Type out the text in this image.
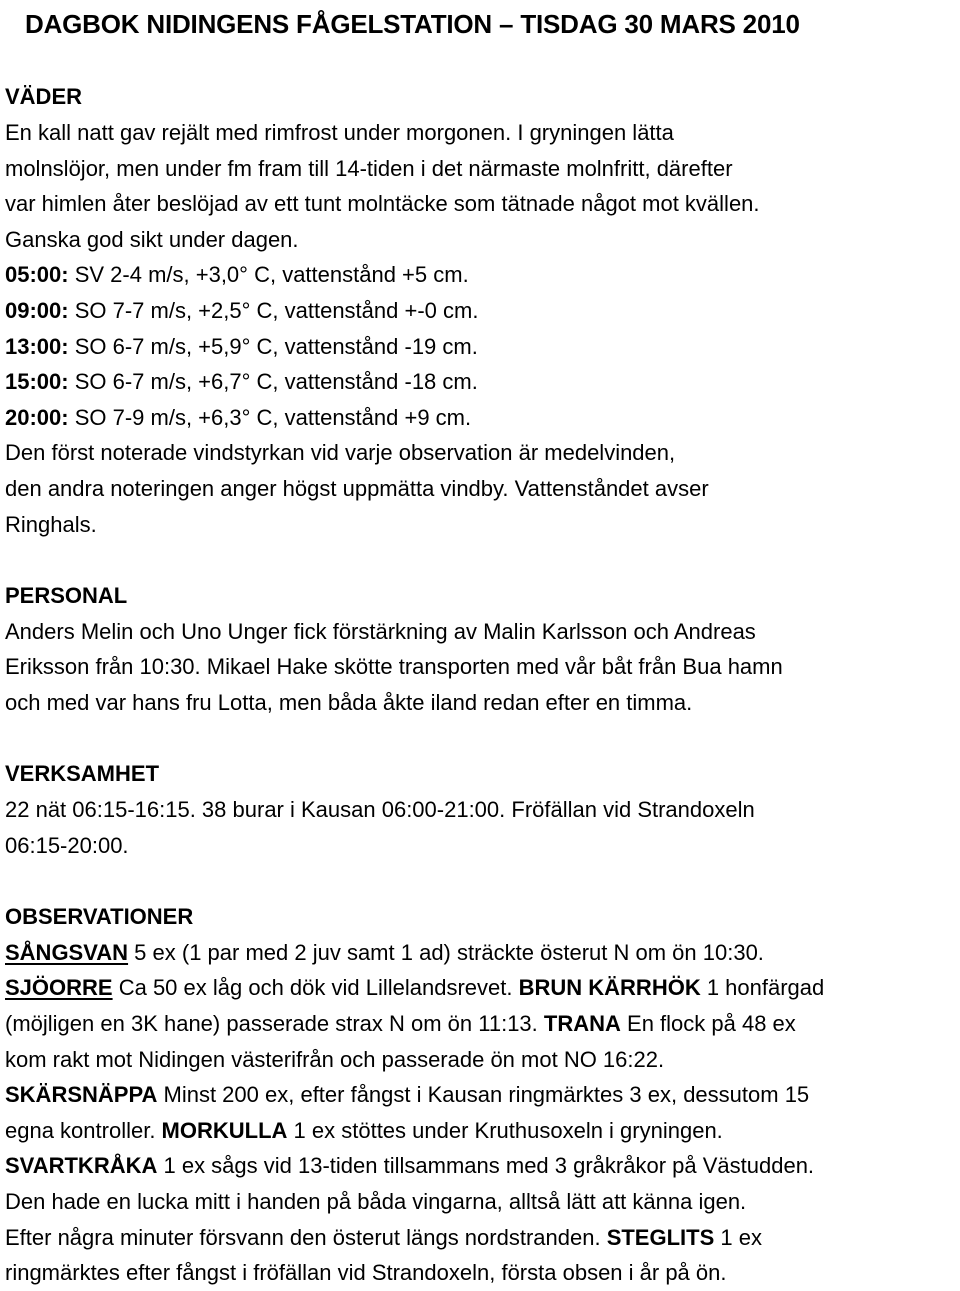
DAGBOK NIDINGENS FÅGELSTATION – TISDAG 30 MARS 2010
VÄDER

En kall natt gav rejält med rimfrost under morgonen. I gryningen lätta

molnslöjor, men under fm fram till 14-tiden i det närmaste molnfritt, därefter

var himlen åter beslöjad av ett tunt molntäcke som tätnade något mot kvällen.

Ganska god sikt under dagen.

05:00: SV 2-4 m/s, +3,0° C, vattenstånd +5 cm.

09:00: SO 7-7 m/s, +2,5° C, vattenstånd +-0 cm.

13:00: SO 6-7 m/s, +5,9° C, vattenstånd -19 cm.

15:00: SO 6-7 m/s, +6,7° C, vattenstånd -18 cm.

20:00: SO 7-9 m/s, +6,3° C, vattenstånd +9 cm.

Den först noterade vindstyrkan vid varje observation är medelvinden,

den andra noteringen anger högst uppmätta vindby. Vattenståndet avser

Ringhals.

PERSONAL

Anders Melin och Uno Unger fick förstärkning av Malin Karlsson och Andreas

Eriksson från 10:30. Mikael Hake skötte transporten med vår båt från Bua hamn

och med var hans fru Lotta, men båda åkte iland redan efter en timma.

VERKSAMHET

22 nät 06:15-16:15. 38 burar i Kausan 06:00-21:00. Fröfällan vid Strandoxeln

06:15-20:00.

OBSERVATIONER

SÅNGSVAN 5 ex (1 par med 2 juv samt 1 ad) sträckte österut N om ön 10:30.

SJÖORRE Ca 50 ex låg och dök vid Lillelandsrevet. BRUN KÄRRHÖK 1 honfärgad

(möjligen en 3K hane) passerade strax N om ön 11:13. TRANA En flock på 48 ex

kom rakt mot Nidingen västerifrån och passerade ön mot NO 16:22.

SKÄRSNÄPPA Minst 200 ex, efter fångst i Kausan ringmärktes 3 ex, dessutom 15

egna kontroller. MORKULLA 1 ex stöttes under Kruthusoxeln i gryningen.

SVARTKRÅKA 1 ex sågs vid 13-tiden tillsammans med 3 gråkråkor på Västudden.

Den hade en lucka mitt i handen på båda vingarna, alltså lätt att känna igen.

Efter några minuter försvann den österut längs nordstranden. STEGLITS 1 ex

ringmärktes efter fångst i fröfällan vid Strandoxeln, första obsen i år på ön.
